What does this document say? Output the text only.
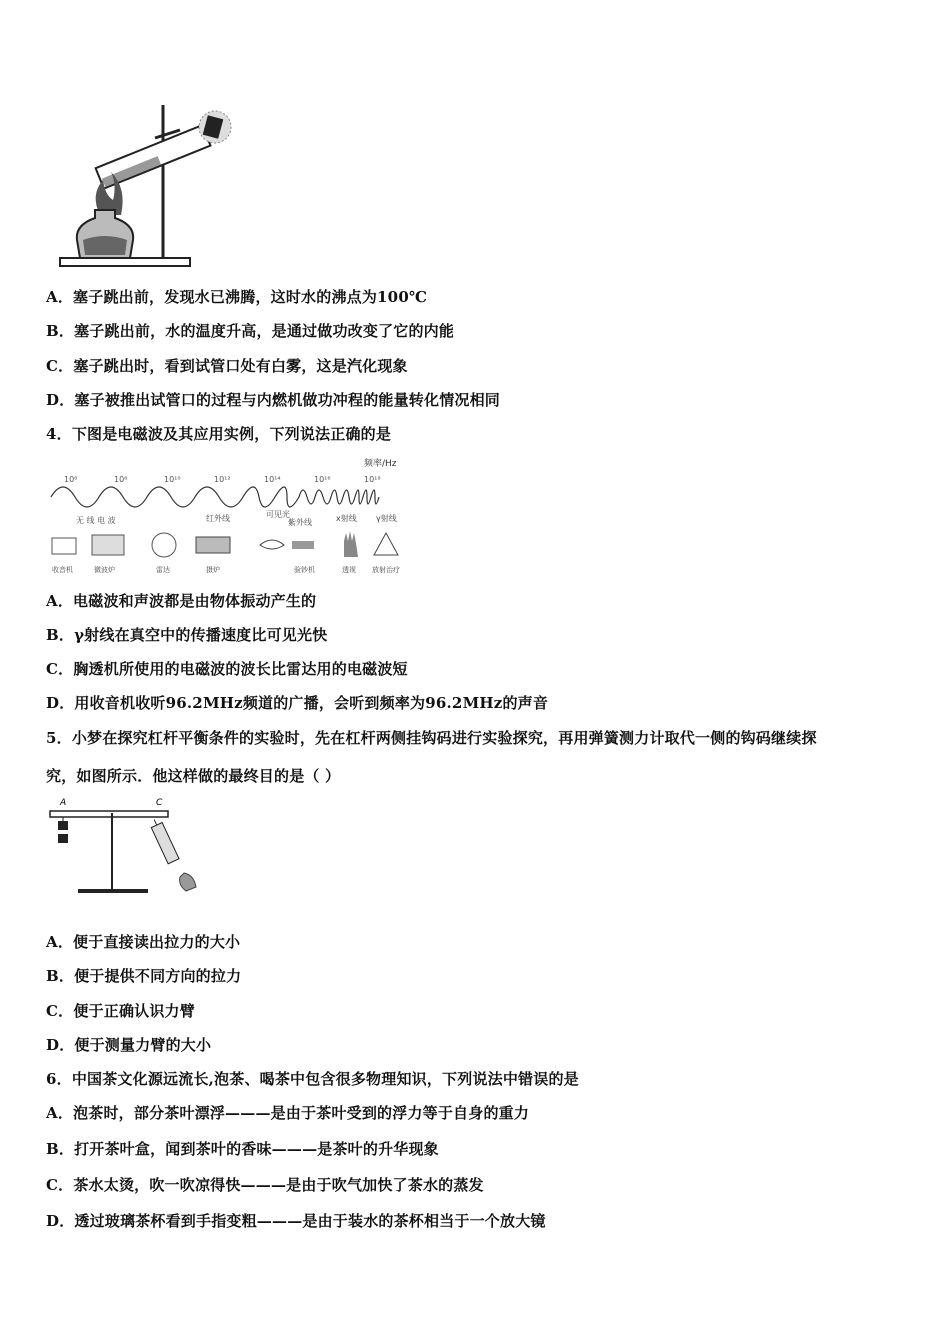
A．塞子跳出前，发现水已沸腾，这时水的沸点为100℃
B．塞子跳出前，水的温度升高，是通过做功改变了它的内能
C．塞子跳出时，看到试管口处有白雾，这是汽化现象
D．塞子被推出试管口的过程与内燃机做功冲程的能量转化情况相同
4．下图是电磁波及其应用实例，下列说法正确的是
频率/Hz
10⁶	10⁸	10¹⁰	10¹²	10¹⁴	10¹⁶	10¹⁸
无 线 电 波	红外线	可见光
紫外线	x射线 γ射线
收音机	微波炉	雷达	摄炉	验钞机	透视 放射治疗
A．电磁波和声波都是由物体振动产生的
B．γ射线在真空中的传播速度比可见光快
C．胸透机所使用的电磁波的波长比雷达用的电磁波短
D．用收音机收听96.2MHz频道的广播，会听到频率为96.2MHz的声音
5．小梦在探究杠杆平衡条件的实验时，先在杠杆两侧挂钩码进行实验探究，再用弹簧测力计取代一侧的钩码继续探
究，如图所示．他这样做的最终目的是（ ）
A	C
A．便于直接读出拉力的大小
B．便于提供不同方向的拉力
C．便于正确认识力臂
D．便于测量力臂的大小
6．中国茶文化源远流长,泡茶、喝茶中包含很多物理知识，下列说法中错误的是
A．泡茶时，部分茶叶漂浮———是由于茶叶受到的浮力等于自身的重力
B．打开茶叶盒，闻到茶叶的香味———是茶叶的升华现象
C．茶水太烫，吹一吹凉得快———是由于吹气加快了茶水的蒸发
D．透过玻璃茶杯看到手指变粗———是由于装水的茶杯相当于一个放大镜
